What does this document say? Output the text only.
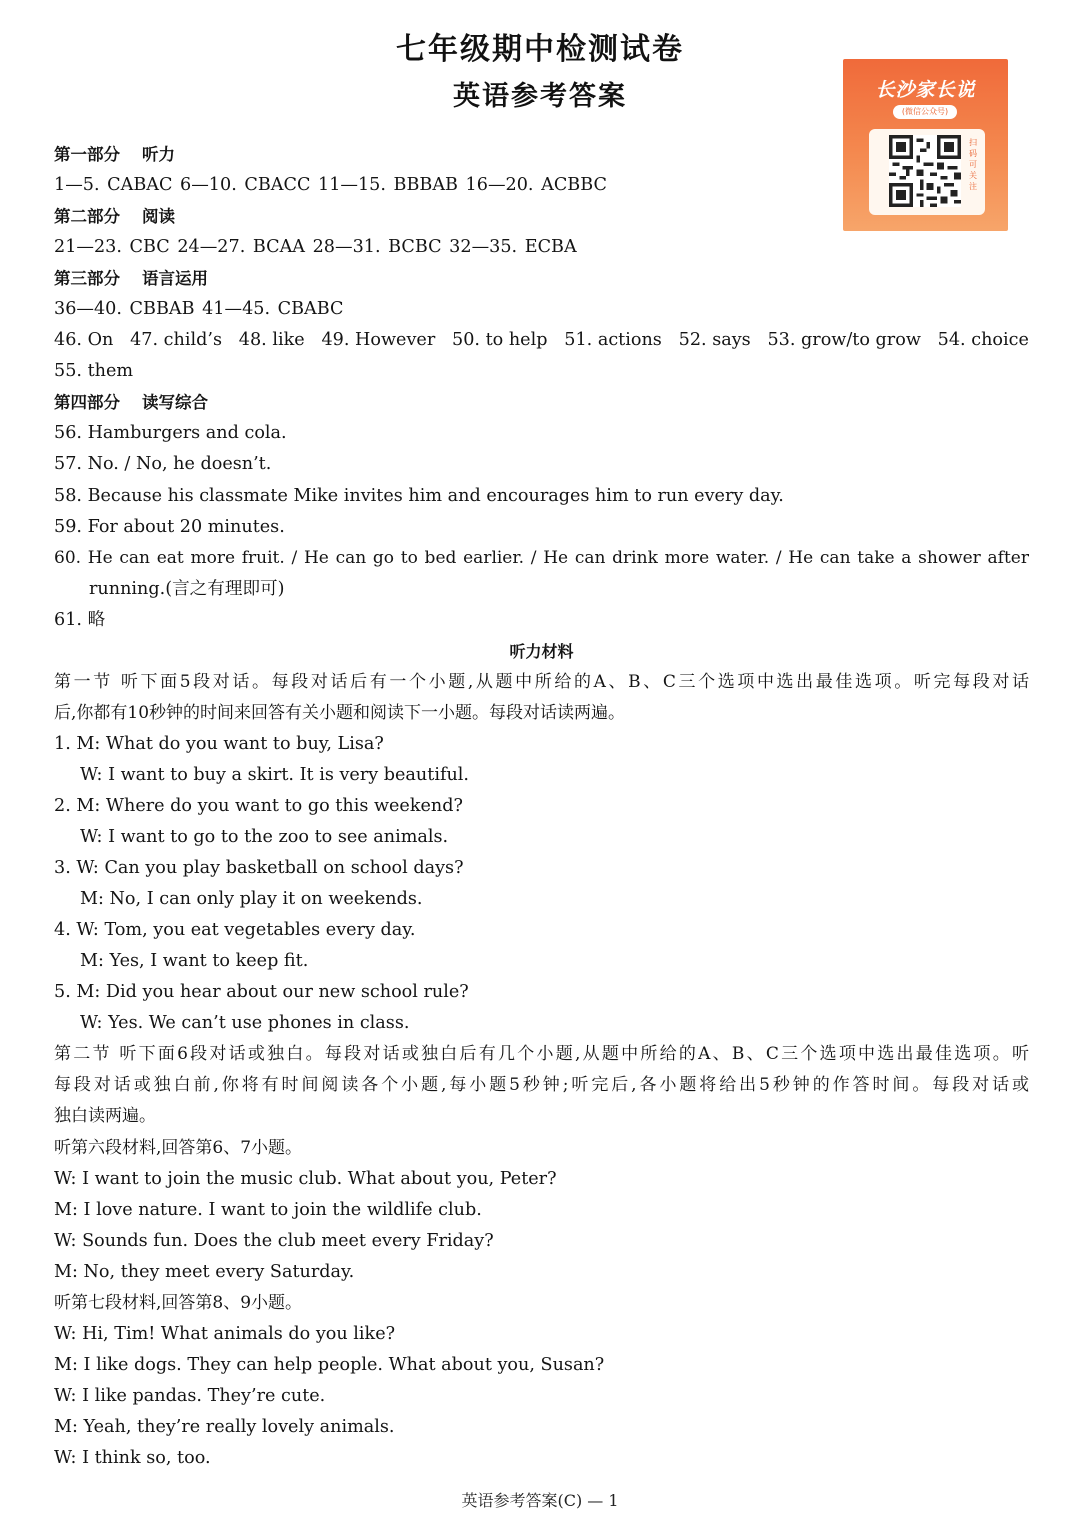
七年级期中检测试卷
英语参考答案	长沙家长说
(微信公众号)
扫码可关注
第一部分 听力
1—5. CABAC 6—10. CBACC 11—15. BBBAB 16—20. ACBBC
第二部分 阅读
21—23. CBC 24—27. BCAA 28—31. BCBC 32—35. ECBA
第三部分 语言运用
36—40. CBBAB 41—45. CBABC
46. On 47. child’s 48. like 49. However 50. to help 51. actions 52. says 53. grow/to grow 54. choice
55. them
第四部分 读写综合
56. Hamburgers and cola.
57. No. / No, he doesn’t.
58. Because his classmate Mike invites him and encourages him to run every day.
59. For about 20 minutes.
60. He can eat more fruit. / He can go to bed earlier. / He can drink more water. / He can take a shower after
running.(言之有理即可)
61. 略
听力材料
第一节 听下面5段对话。每段对话后有一个小题,从题中所给的A、B、C三个选项中选出最佳选项。听完每段对话
后,你都有10秒钟的时间来回答有关小题和阅读下一小题。每段对话读两遍。
1. M: What do you want to buy, Lisa?
W: I want to buy a skirt. It is very beautiful.
2. M: Where do you want to go this weekend?
W: I want to go to the zoo to see animals.
3. W: Can you play basketball on school days?
M: No, I can only play it on weekends.
4. W: Tom, you eat vegetables every day.
M: Yes, I want to keep fit.
5. M: Did you hear about our new school rule?
W: Yes. We can’t use phones in class.
第二节 听下面6段对话或独白。每段对话或独白后有几个小题,从题中所给的A、B、C三个选项中选出最佳选项。听
每段对话或独白前,你将有时间阅读各个小题,每小题5秒钟;听完后,各小题将给出5秒钟的作答时间。每段对话或
独白读两遍。
听第六段材料,回答第6、7小题。
W: I want to join the music club. What about you, Peter?
M: I love nature. I want to join the wildlife club.
W: Sounds fun. Does the club meet every Friday?
M: No, they meet every Saturday.
听第七段材料,回答第8、9小题。
W: Hi, Tim! What animals do you like?
M: I like dogs. They can help people. What about you, Susan?
W: I like pandas. They’re cute.
M: Yeah, they’re really lovely animals.
W: I think so, too.
英语参考答案(C) — 1
